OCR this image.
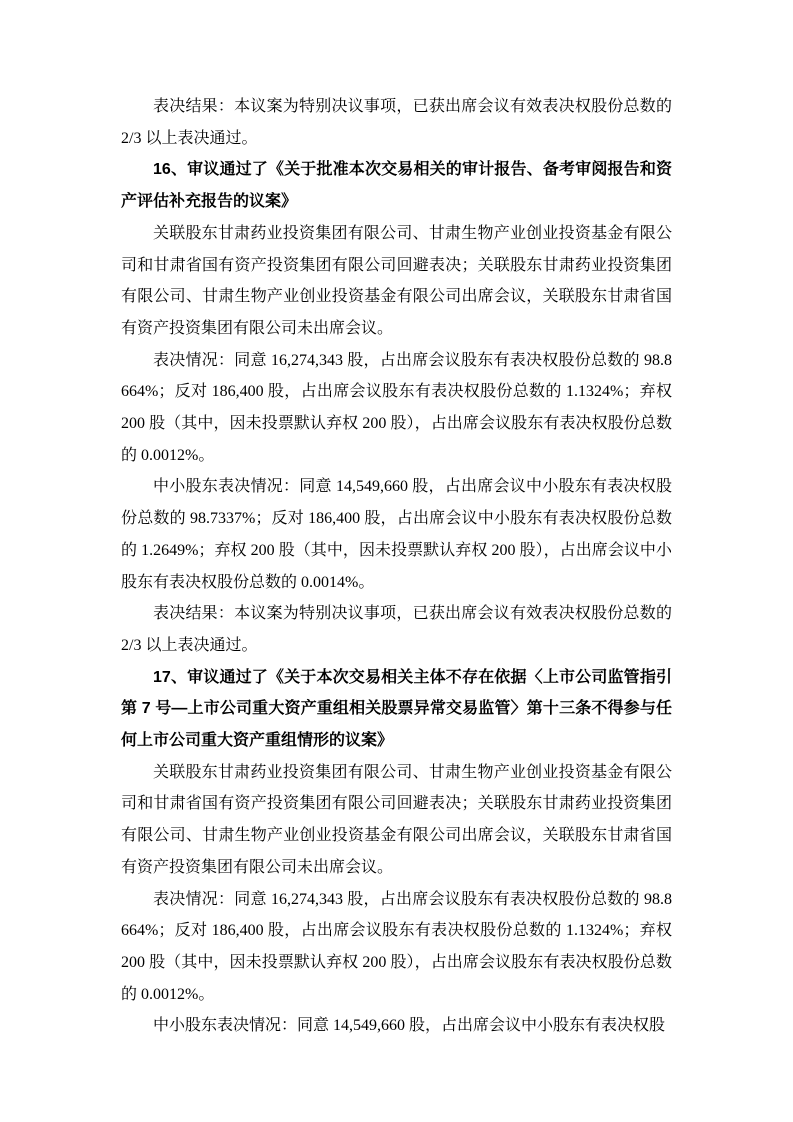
表决结果：本议案为特别决议事项，已获出席会议有效表决权股份总数的 2/3 以上表决通过。

16、审议通过了《关于批准本次交易相关的审计报告、备考审阅报告和资产评估补充报告的议案》

关联股东甘肃药业投资集团有限公司、甘肃生物产业创业投资基金有限公司和甘肃省国有资产投资集团有限公司回避表决；关联股东甘肃药业投资集团有限公司、甘肃生物产业创业投资基金有限公司出席会议，关联股东甘肃省国有资产投资集团有限公司未出席会议。

表决情况：同意 16,274,343 股，占出席会议股东有表决权股份总数的 98.8664%；反对 186,400 股，占出席会议股东有表决权股份总数的 1.1324%；弃权 200 股（其中，因未投票默认弃权 200 股），占出席会议股东有表决权股份总数的 0.0012%。

中小股东表决情况：同意 14,549,660 股，占出席会议中小股东有表决权股份总数的 98.7337%；反对 186,400 股，占出席会议中小股东有表决权股份总数的 1.2649%；弃权 200 股（其中，因未投票默认弃权 200 股），占出席会议中小股东有表决权股份总数的 0.0014%。

表决结果：本议案为特别决议事项，已获出席会议有效表决权股份总数的 2/3 以上表决通过。

17、审议通过了《关于本次交易相关主体不存在依据〈上市公司监管指引第 7 号—上市公司重大资产重组相关股票异常交易监管〉第十三条不得参与任何上市公司重大资产重组情形的议案》

关联股东甘肃药业投资集团有限公司、甘肃生物产业创业投资基金有限公司和甘肃省国有资产投资集团有限公司回避表决；关联股东甘肃药业投资集团有限公司、甘肃生物产业创业投资基金有限公司出席会议，关联股东甘肃省国有资产投资集团有限公司未出席会议。

表决情况：同意 16,274,343 股，占出席会议股东有表决权股份总数的 98.8664%；反对 186,400 股，占出席会议股东有表决权股份总数的 1.1324%；弃权 200 股（其中，因未投票默认弃权 200 股），占出席会议股东有表决权股份总数的 0.0012%。

中小股东表决情况：同意 14,549,660 股，占出席会议中小股东有表决权股
